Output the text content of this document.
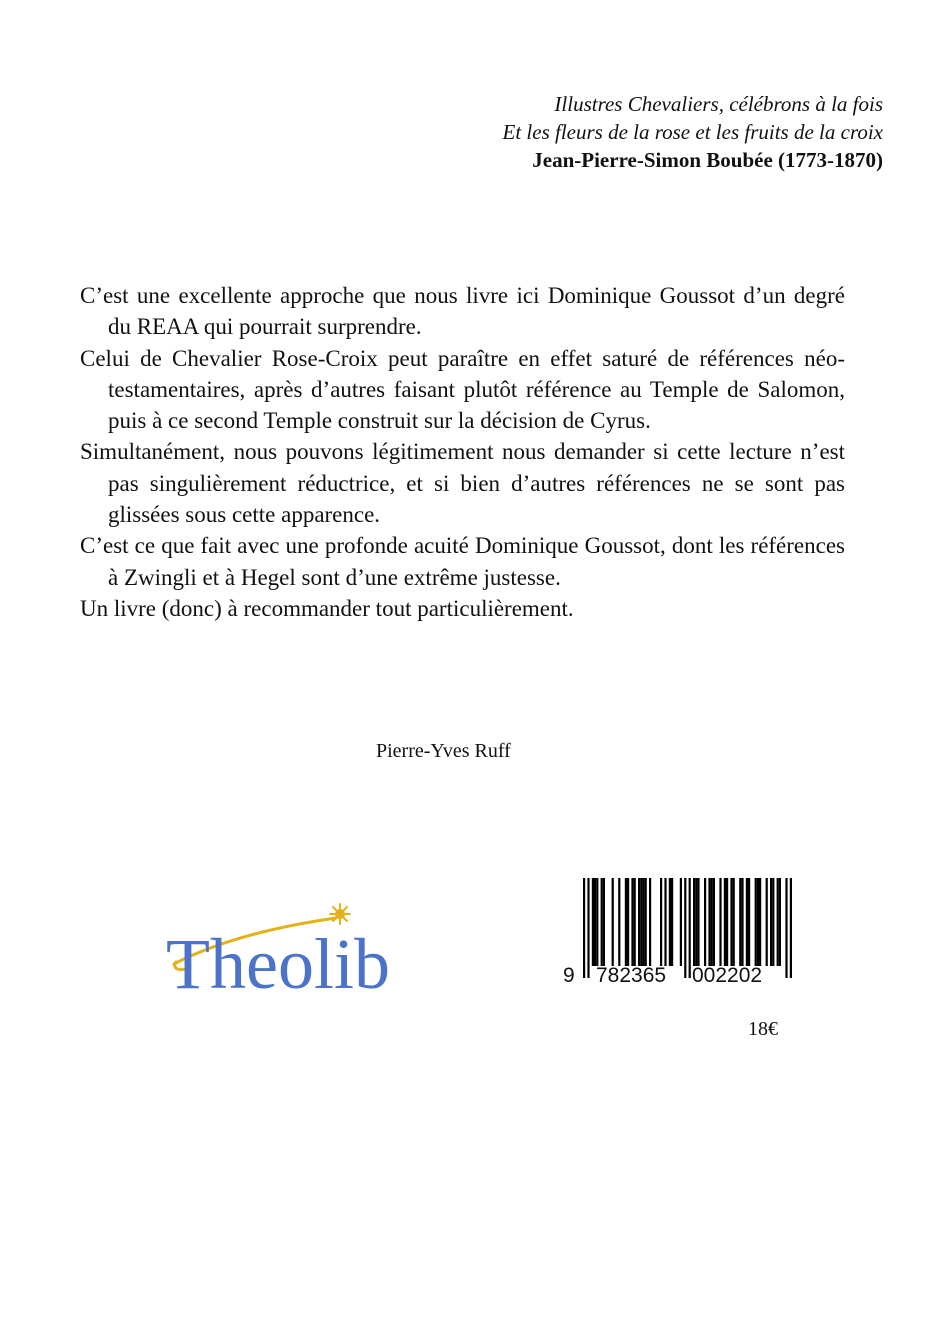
Illustres Chevaliers, célébrons à la fois
Et les fleurs de la rose et les fruits de la croix
Jean-Pierre-Simon Boubée (1773-1870)

C’est une excellente approche que nous livre ici Dominique Goussot d’un degré du REAA qui pourrait surprendre.

Celui de Chevalier Rose-Croix peut paraître en effet saturé de références néo-testamentaires, après d’autres faisant plutôt référence au Temple de Salomon, puis à ce second Temple construit sur la décision de Cyrus.

Simultanément, nous pouvons légitimement nous demander si cette lecture n’est pas singulièrement réductrice, et si bien d’autres références ne se sont pas glissées sous cette apparence.

C’est ce que fait avec une profonde acuité Dominique Goussot, dont les références à Zwingli et à Hegel sont d’une extrême justesse.

Un livre (donc) à recommander tout particulièrement.

Pierre-Yves Ruff
Theolib	9 782365 002202
18€
